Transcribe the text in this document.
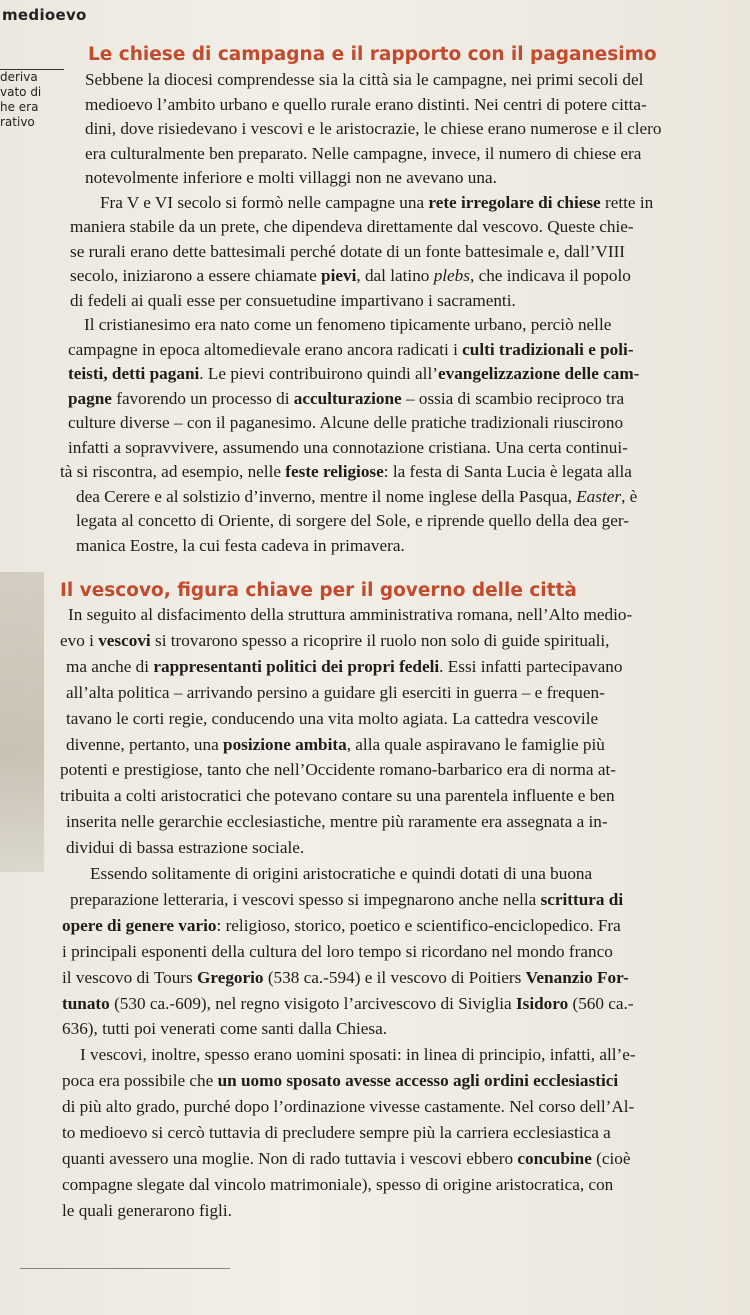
medioevo
deriva
vato di
he era
rativo
Le chiese di campagna e il rapporto con il paganesimo
Sebbene la diocesi comprendesse sia la città sia le campagne, nei primi secoli del
medioevo l’ambito urbano e quello rurale erano distinti. Nei centri di potere citta-
dini, dove risiedevano i vescovi e le aristocrazie, le chiese erano numerose e il clero
era culturalmente ben preparato. Nelle campagne, invece, il numero di chiese era
notevolmente inferiore e molti villaggi non ne avevano una.
Fra V e VI secolo si formò nelle campagne una rete irregolare di chiese rette in
maniera stabile da un prete, che dipendeva direttamente dal vescovo. Queste chie-
se rurali erano dette battesimali perché dotate di un fonte battesimale e, dall’VIII
secolo, iniziarono a essere chiamate pievi, dal latino plebs, che indicava il popolo
di fedeli ai quali esse per consuetudine impartivano i sacramenti.
Il cristianesimo era nato come un fenomeno tipicamente urbano, perciò nelle
campagne in epoca altomedievale erano ancora radicati i culti tradizionali e poli-
teisti, detti pagani. Le pievi contribuirono quindi all’evangelizzazione delle cam-
pagne favorendo un processo di acculturazione – ossia di scambio reciproco tra
culture diverse – con il paganesimo. Alcune delle pratiche tradizionali riuscirono
infatti a sopravvivere, assumendo una connotazione cristiana. Una certa continui-
tà si riscontra, ad esempio, nelle feste religiose: la festa di Santa Lucia è legata alla
dea Cerere e al solstizio d’inverno, mentre il nome inglese della Pasqua, Easter, è
legata al concetto di Oriente, di sorgere del Sole, e riprende quello della dea ger-
manica Eostre, la cui festa cadeva in primavera.
Il vescovo, figura chiave per il governo delle città
In seguito al disfacimento della struttura amministrativa romana, nell’Alto medio-
evo i vescovi si trovarono spesso a ricoprire il ruolo non solo di guide spirituali,
ma anche di rappresentanti politici dei propri fedeli. Essi infatti partecipavano
all’alta politica – arrivando persino a guidare gli eserciti in guerra – e frequen-
tavano le corti regie, conducendo una vita molto agiata. La cattedra vescovile
divenne, pertanto, una posizione ambita, alla quale aspiravano le famiglie più
potenti e prestigiose, tanto che nell’Occidente romano-barbarico era di norma at-
tribuita a colti aristocratici che potevano contare su una parentela influente e ben
inserita nelle gerarchie ecclesiastiche, mentre più raramente era assegnata a in-
dividui di bassa estrazione sociale.
Essendo solitamente di origini aristocratiche e quindi dotati di una buona
preparazione letteraria, i vescovi spesso si impegnarono anche nella scrittura di
opere di genere vario: religioso, storico, poetico e scientifico-enciclopedico. Fra
i principali esponenti della cultura del loro tempo si ricordano nel mondo franco
il vescovo di Tours Gregorio (538 ca.-594) e il vescovo di Poitiers Venanzio For-
tunato (530 ca.-609), nel regno visigoto l’arcivescovo di Siviglia Isidoro (560 ca.-
636), tutti poi venerati come santi dalla Chiesa.
I vescovi, inoltre, spesso erano uomini sposati: in linea di principio, infatti, all’e-
poca era possibile che un uomo sposato avesse accesso agli ordini ecclesiastici
di più alto grado, purché dopo l’ordinazione vivesse castamente. Nel corso dell’Al-
to medioevo si cercò tuttavia di precludere sempre più la carriera ecclesiastica a
quanti avessero una moglie. Non di rado tuttavia i vescovi ebbero concubine (cioè
compagne slegate dal vincolo matrimoniale), spesso di origine aristocratica, con
le quali generarono figli.
